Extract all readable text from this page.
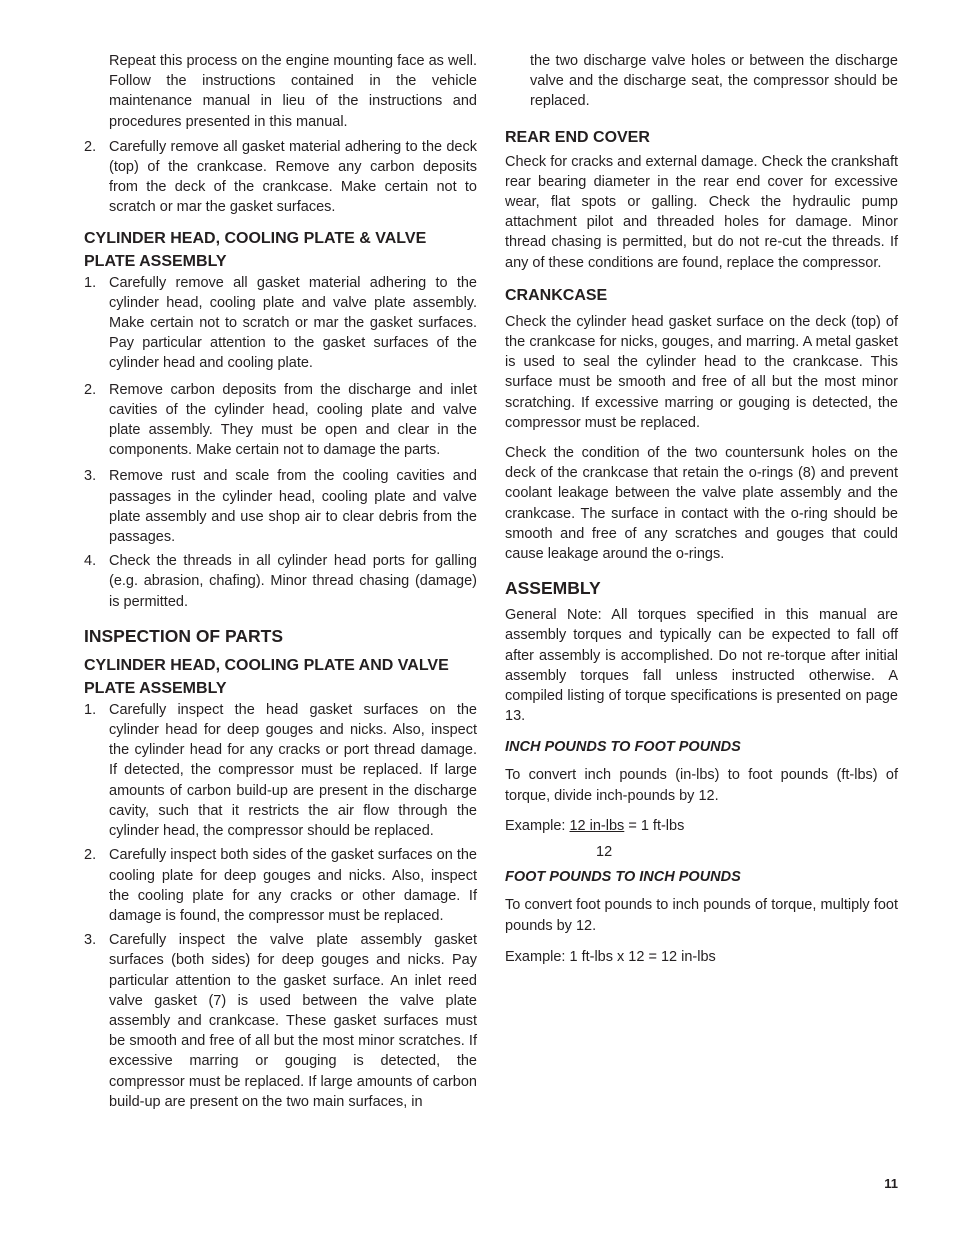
Repeat this process on the engine mounting face as well. Follow the instructions contained in the vehicle maintenance manual in lieu of the instructions and procedures presented in this manual.

2. Carefully remove all gasket material adhering to the deck (top) of the crankcase. Remove any carbon deposits from the deck of the crankcase. Make certain not to scratch or mar the gasket surfaces.
CYLINDER HEAD, COOLING PLATE & VALVE PLATE ASSEMBLY
1. Carefully remove all gasket material adhering to the cylinder head, cooling plate and valve plate assembly. Make certain not to scratch or mar the gasket surfaces. Pay particular attention to the gasket surfaces of the cylinder head and cooling plate.
2. Remove carbon deposits from the discharge and inlet cavities of the cylinder head, cooling plate and valve plate assembly. They must be open and clear in the components. Make certain not to damage the parts.
3. Remove rust and scale from the cooling cavities and passages in the cylinder head, cooling plate and valve plate assembly and use shop air to clear debris from the passages.
4. Check the threads in all cylinder head ports for galling (e.g. abrasion, chafing). Minor thread chasing (damage) is permitted.
INSPECTION OF PARTS
CYLINDER HEAD, COOLING PLATE AND VALVE PLATE ASSEMBLY
1. Carefully inspect the head gasket surfaces on the cylinder head for deep gouges and nicks. Also, inspect the cylinder head for any cracks or port thread damage. If detected, the compressor must be replaced. If large amounts of carbon build-up are present in the discharge cavity, such that it restricts the air flow through the cylinder head, the compressor should be replaced.
2. Carefully inspect both sides of the gasket surfaces on the cooling plate for deep gouges and nicks. Also, inspect the cooling plate for any cracks or other damage. If damage is found, the compressor must be replaced.
3. Carefully inspect the valve plate assembly gasket surfaces (both sides) for deep gouges and nicks. Pay particular attention to the gasket surface. An inlet reed valve gasket (7) is used between the valve plate assembly and crankcase. These gasket surfaces must be smooth and free of all but the most minor scratches. If excessive marring or gouging is detected, the compressor must be replaced. If large amounts of carbon build-up are present on the two main surfaces, in

the two discharge valve holes or between the discharge valve and the discharge seat, the compressor should be replaced.

REAR END COVER

Check for cracks and external damage. Check the crankshaft rear bearing diameter in the rear end cover for excessive wear, flat spots or galling. Check the hydraulic pump attachment pilot and threaded holes for damage. Minor thread chasing is permitted, but do not re-cut the threads. If any of these conditions are found, replace the compressor.

CRANKCASE

Check the cylinder head gasket surface on the deck (top) of the crankcase for nicks, gouges, and marring. A metal gasket is used to seal the cylinder head to the crankcase. This surface must be smooth and free of all but the most minor scratching. If excessive marring or gouging is detected, the compressor must be replaced.

Check the condition of the two countersunk holes on the deck of the crankcase that retain the o-rings (8) and prevent coolant leakage between the valve plate assembly and the crankcase. The surface in contact with the o-ring should be smooth and free of any scratches and gouges that could cause leakage around the o-rings.

ASSEMBLY

General Note: All torques specified in this manual are assembly torques and typically can be expected to fall off after assembly is accomplished. Do not re-torque after initial assembly torques fall unless instructed otherwise. A compiled listing of torque specifications is presented on page 13.

INCH POUNDS TO FOOT POUNDS

To convert inch pounds (in-lbs) to foot pounds (ft-lbs) of torque, divide inch-pounds by 12.

Example: 12 in-lbs = 1 ft-lbs

12

FOOT POUNDS TO INCH POUNDS

To convert foot pounds to inch pounds of torque, multiply foot pounds by 12.

Example: 1 ft-lbs x 12 = 12 in-lbs

11
